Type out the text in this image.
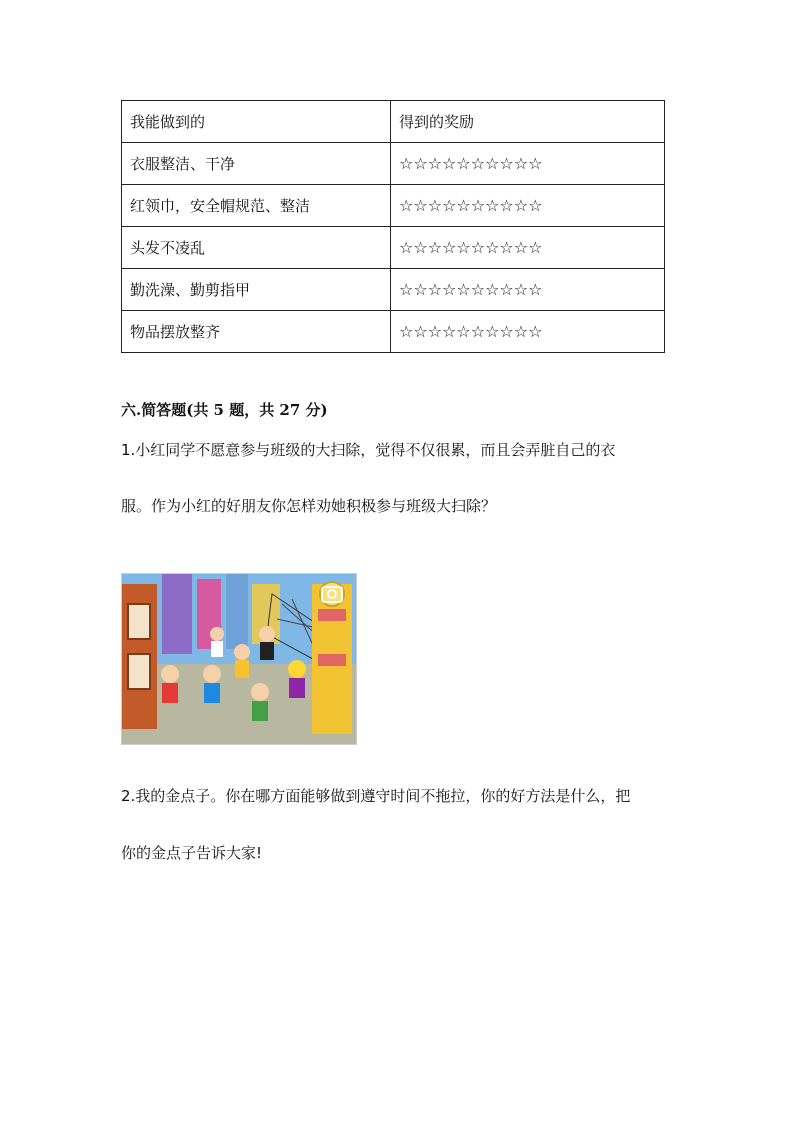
我能做到的	得到的奖励
衣服整洁、干净	☆☆☆☆☆☆☆☆☆☆
红领巾，安全帽规范、整洁	☆☆☆☆☆☆☆☆☆☆
头发不凌乱	☆☆☆☆☆☆☆☆☆☆
勤洗澡、勤剪指甲	☆☆☆☆☆☆☆☆☆☆
物品摆放整齐	☆☆☆☆☆☆☆☆☆☆
六.简答题(共 5 题，共 27 分)
1.小红同学不愿意参与班级的大扫除，觉得不仅很累，而且会弄脏自己的衣
服。作为小红的好朋友你怎样劝她积极参与班级大扫除？
2.我的金点子。你在哪方面能够做到遵守时间不拖拉，你的好方法是什么，把
你的金点子告诉大家!
